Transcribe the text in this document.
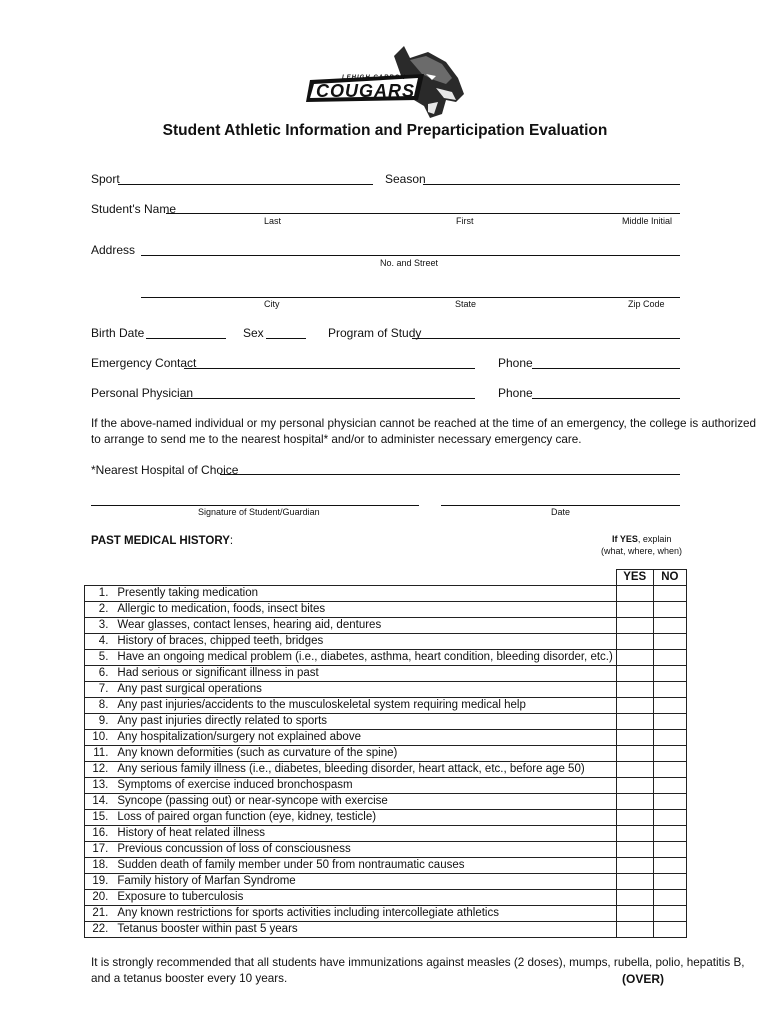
LEHIGH CARBON
COUGARS
Student Athletic Information and Preparticipation Evaluation
Sport	Season
Student's Name
Last	First	Middle Initial
Address
No. and Street
City	State	Zip Code
Birth Date	Sex	Program of Study
Emergency Contact	Phone
Personal Physician	Phone
If the above-named individual or my personal physician cannot be reached at the time of an emergency, the college is authorized
to arrange to send me to the nearest hospital* and/or to administer necessary emergency care.
*Nearest Hospital of Choice
Signature of Student/Guardian	Date
PAST MEDICAL HISTORY:	If YES, explain
(what, where, when)
		YES	NO
1.	Presently taking medication		
2.	Allergic to medication, foods, insect bites		
3.	Wear glasses, contact lenses, hearing aid, dentures		
4.	History of braces, chipped teeth, bridges		
5.	Have an ongoing medical problem (i.e., diabetes, asthma, heart condition, bleeding disorder, etc.)		
6.	Had serious or significant illness in past		
7.	Any past surgical operations		
8.	Any past injuries/accidents to the musculoskeletal system requiring medical help		
9.	Any past injuries directly related to sports		
10.	Any hospitalization/surgery not explained above		
11.	Any known deformities (such as curvature of the spine)		
12.	Any serious family illness (i.e., diabetes, bleeding disorder, heart attack, etc., before age 50)		
13.	Symptoms of exercise induced bronchospasm		
14.	Syncope (passing out) or near-syncope with exercise		
15.	Loss of paired organ function (eye, kidney, testicle)		
16.	History of heat related illness		
17.	Previous concussion of loss of consciousness		
18.	Sudden death of family member under 50 from nontraumatic causes		
19.	Family history of Marfan Syndrome		
20.	Exposure to tuberculosis		
21.	Any known restrictions for sports activities including intercollegiate athletics		
22.	Tetanus booster within past 5 years		
It is strongly recommended that all students have immunizations against measles (2 doses), mumps, rubella, polio, hepatitis B,
and a tetanus booster every 10 years.	(OVER)
